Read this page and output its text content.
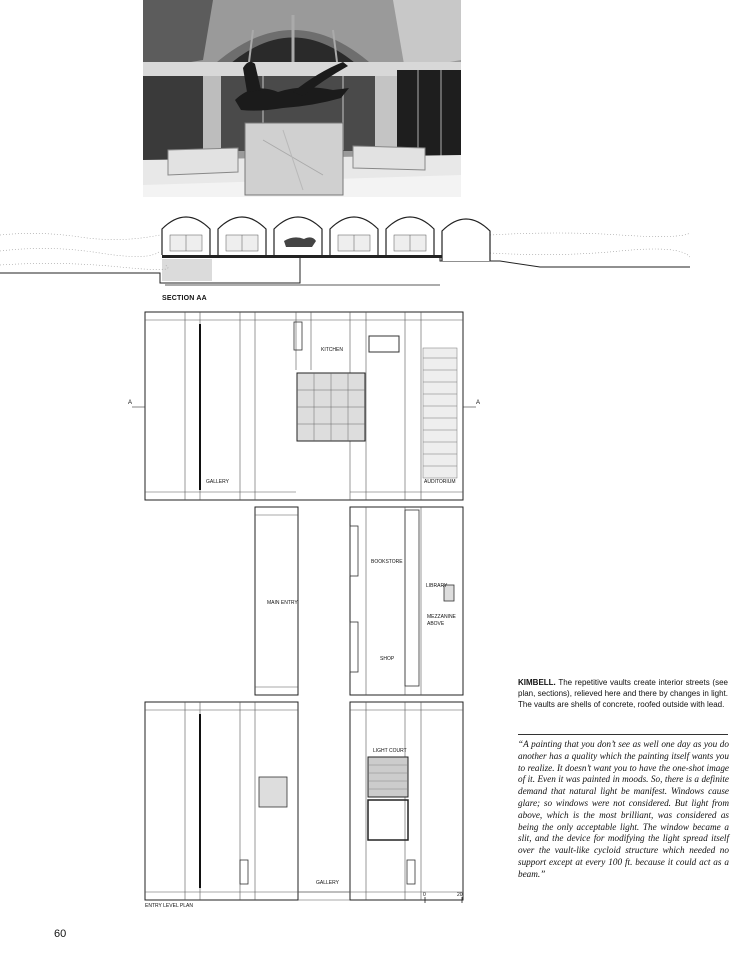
SECTION AA
A	A
KITCHEN
GALLERY	AUDITORIUM
BOOKSTORE
LIBRARY
MAIN ENTRY
MEZZANINE
ABOVE
SHOP
LIGHT COURT
GALLERY
ENTRY LEVEL PLAN
0	20'
KIMBELL. The repetitive vaults create interior streets (see plan, sections), relieved here and there by changes in light. The vaults are shells of concrete, roofed outside with lead.
“A painting that you don’t see as well one day as you do another has a quality which the painting itself wants you to realize. It doesn’t want you to have the one-shot image of it. Even it was painted in moods. So, there is a definite demand that natural light be manifest. Windows cause glare; so windows were not considered. But light from above, which is the most brilliant, was considered as being the only acceptable light. The window became a slit, and the device for modifying the light spread itself over the vault-like cycloid structure which needed no support except at every 100 ft. because it could act as a beam.”
60
